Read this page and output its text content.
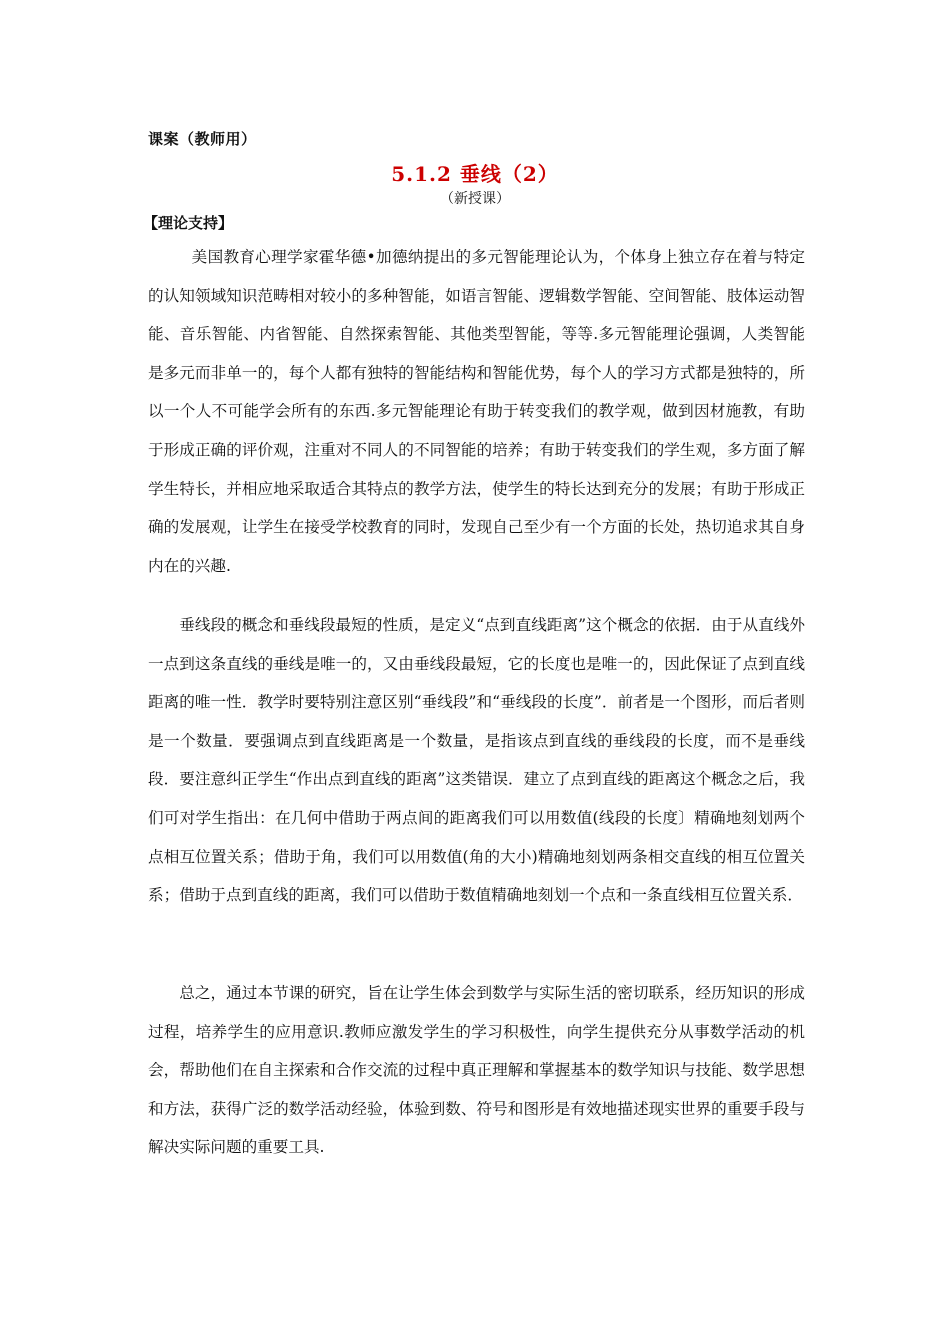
课案（教师用）
5.1.2 垂线（2）
（新授课）
【理论支持】

美国教育心理学家霍华德•加德纳提出的多元智能理论认为，个体身上独立存在着与特定的认知领域知识范畴相对较小的多种智能，如语言智能、逻辑数学智能、空间智能、肢体运动智能、音乐智能、内省智能、自然探索智能、其他类型智能，等等.多元智能理论强调，人类智能是多元而非单一的，每个人都有独特的智能结构和智能优势，每个人的学习方式都是独特的，所以一个人不可能学会所有的东西.多元智能理论有助于转变我们的教学观，做到因材施教，有助于形成正确的评价观，注重对不同人的不同智能的培养；有助于转变我们的学生观，多方面了解学生特长，并相应地采取适合其特点的教学方法，使学生的特长达到充分的发展；有助于形成正确的发展观，让学生在接受学校教育的同时，发现自己至少有一个方面的长处，热切追求其自身内在的兴趣.

垂线段的概念和垂线段最短的性质，是定义“点到直线距离”这个概念的依据．由于从直线外一点到这条直线的垂线是唯一的，又由垂线段最短，它的长度也是唯一的，因此保证了点到直线距离的唯一性．教学时要特别注意区别“垂线段”和“垂线段的长度”．前者是一个图形，而后者则是一个数量．要强调点到直线距离是一个数量，是指该点到直线的垂线段的长度，而不是垂线段．要注意纠正学生“作出点到直线的距离”这类错误．建立了点到直线的距离这个概念之后，我们可对学生指出：在几何中借助于两点间的距离我们可以用数值(线段的长度〕精确地刻划两个点相互位置关系；借助于角，我们可以用数值(角的大小)精确地刻划两条相交直线的相互位置关系；借助于点到直线的距离，我们可以借助于数值精确地刻划一个点和一条直线相互位置关系．

总之，通过本节课的研究，旨在让学生体会到数学与实际生活的密切联系，经历知识的形成过程，培养学生的应用意识.教师应激发学生的学习积极性，向学生提供充分从事数学活动的机会，帮助他们在自主探索和合作交流的过程中真正理解和掌握基本的数学知识与技能、数学思想和方法，获得广泛的数学活动经验，体验到数、符号和图形是有效地描述现实世界的重要手段与解决实际问题的重要工具.
